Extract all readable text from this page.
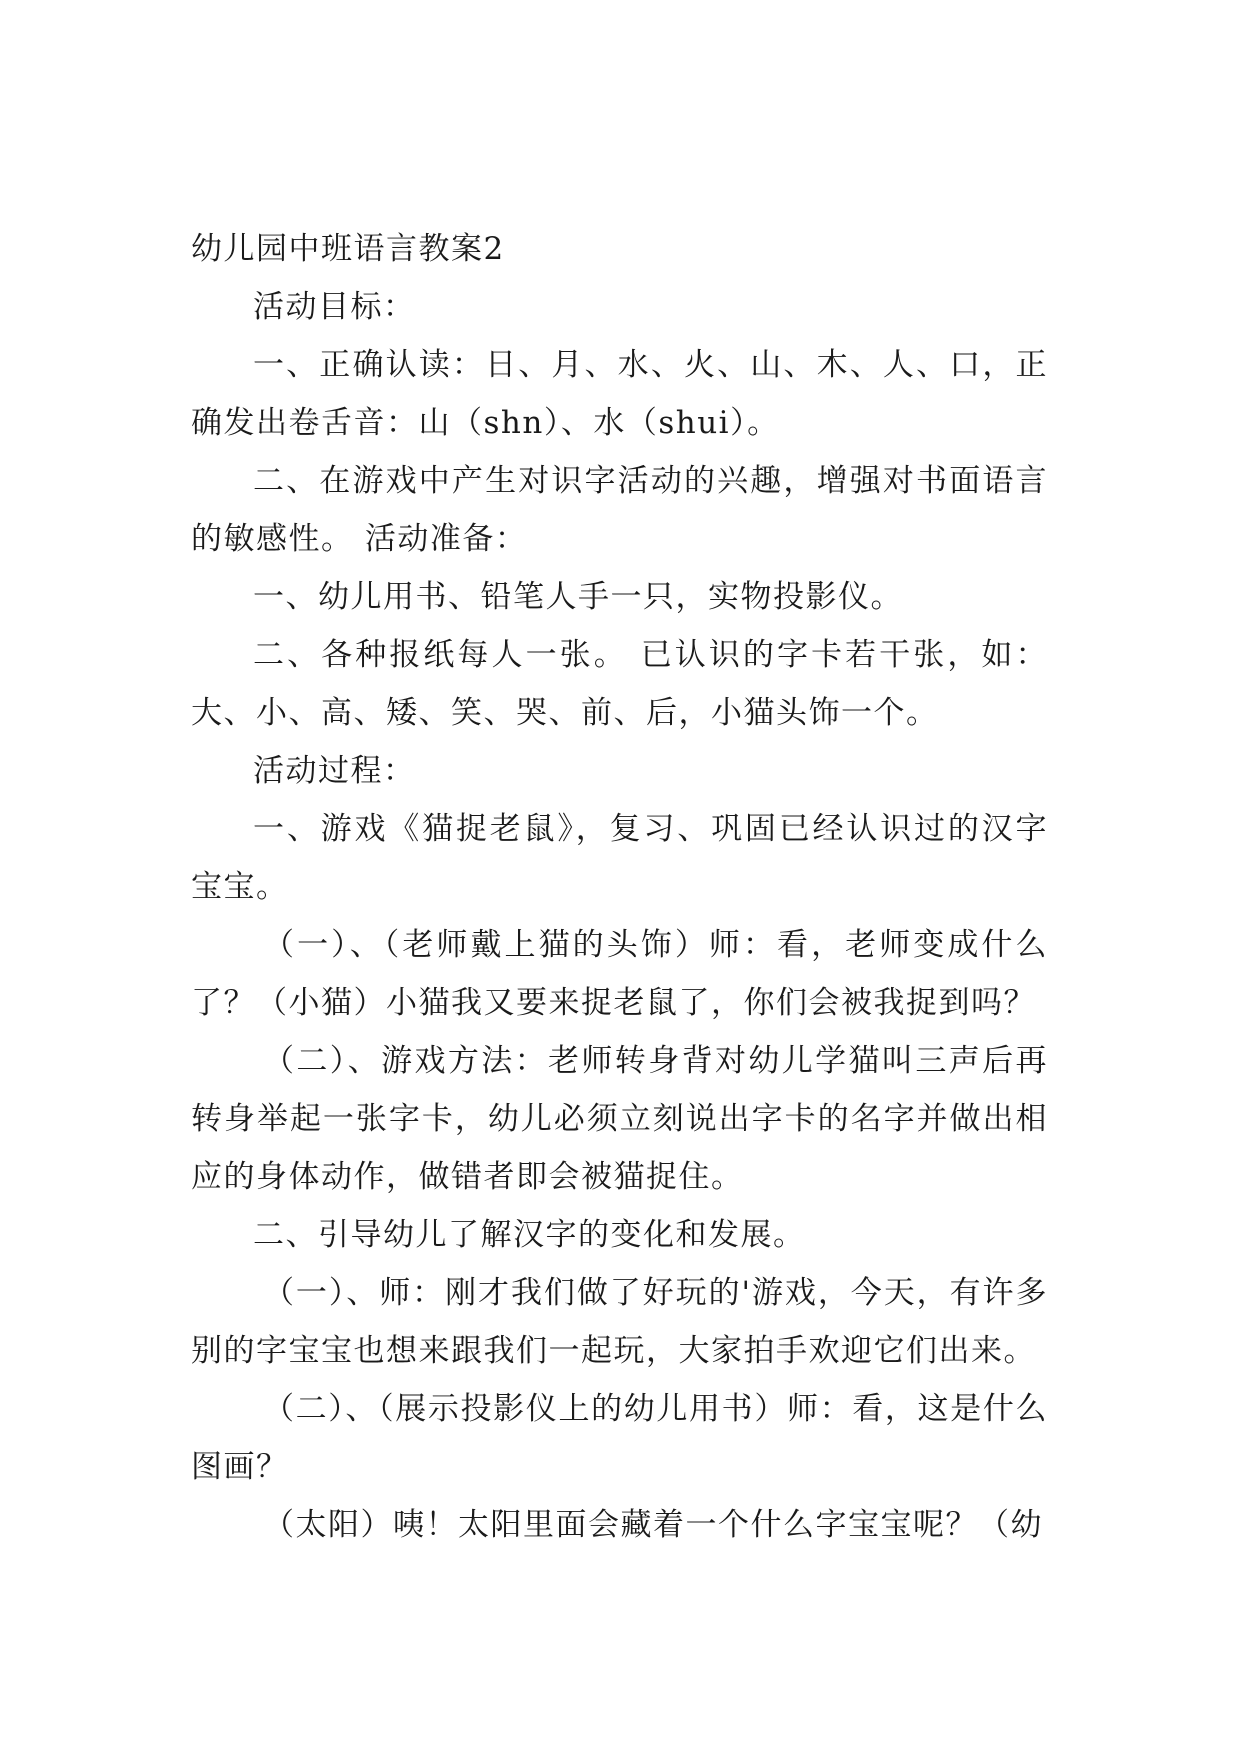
幼儿园中班语言教案2

活动目标：

一、正确认读：日、月、水、火、山、木、人、口，正确发出卷舌音：山（shn）、水（shui）。

二、在游戏中产生对识字活动的兴趣，增强对书面语言的敏感性。 活动准备：

一、幼儿用书、铅笔人手一只，实物投影仪。

二、各种报纸每人一张。 已认识的字卡若干张，如：大、小、高、矮、笑、哭、前、后，小猫头饰一个。

活动过程：

一、游戏《猫捉老鼠》，复习、巩固已经认识过的汉字宝宝。

（一）、（老师戴上猫的头饰）师：看，老师变成什么了？（小猫）小猫我又要来捉老鼠了，你们会被我捉到吗？

（二）、游戏方法：老师转身背对幼儿学猫叫三声后再转身举起一张字卡，幼儿必须立刻说出字卡的名字并做出相应的身体动作，做错者即会被猫捉住。

二、引导幼儿了解汉字的变化和发展。

（一）、师：刚才我们做了好玩的'游戏，今天，有许多别的字宝宝也想来跟我们一起玩，大家拍手欢迎它们出来。

（二）、（展示投影仪上的幼儿用书）师：看，这是什么图画？

（太阳）咦！太阳里面会藏着一个什么字宝宝呢？（幼
